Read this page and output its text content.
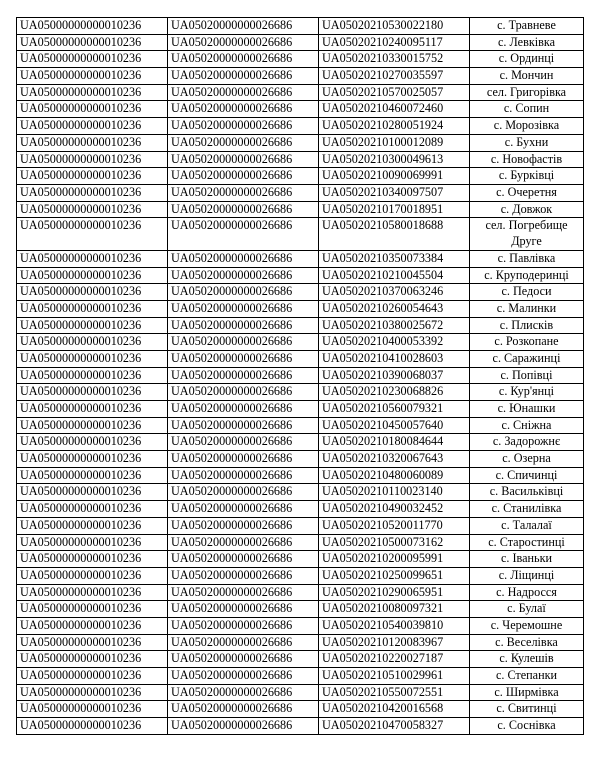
UA05000000000010236	UA05020000000026686	UA05020210530022180	с. Травневе
UA05000000000010236	UA05020000000026686	UA05020210240095117	с. Левківка
UA05000000000010236	UA05020000000026686	UA05020210330015752	с. Ординці
UA05000000000010236	UA05020000000026686	UA05020210270035597	с. Мончин
UA05000000000010236	UA05020000000026686	UA05020210570025057	сел. Григорівка
UA05000000000010236	UA05020000000026686	UA05020210460072460	с. Сопин
UA05000000000010236	UA05020000000026686	UA05020210280051924	с. Морозівка
UA05000000000010236	UA05020000000026686	UA05020210100012089	с. Бухни
UA05000000000010236	UA05020000000026686	UA05020210300049613	с. Новофастів
UA05000000000010236	UA05020000000026686	UA05020210090069991	с. Бурківці
UA05000000000010236	UA05020000000026686	UA05020210340097507	с. Очеретня
UA05000000000010236	UA05020000000026686	UA05020210170018951	с. Довжок
UA05000000000010236	UA05020000000026686	UA05020210580018688	сел. Погребище Друге
UA05000000000010236	UA05020000000026686	UA05020210350073384	с. Павлівка
UA05000000000010236	UA05020000000026686	UA05020210210045504	с. Круподеринці
UA05000000000010236	UA05020000000026686	UA05020210370063246	с. Педоси
UA05000000000010236	UA05020000000026686	UA05020210260054643	с. Малинки
UA05000000000010236	UA05020000000026686	UA05020210380025672	с. Плисків
UA05000000000010236	UA05020000000026686	UA05020210400053392	с. Розкопане
UA05000000000010236	UA05020000000026686	UA05020210410028603	с. Саражинці
UA05000000000010236	UA05020000000026686	UA05020210390068037	с. Попівці
UA05000000000010236	UA05020000000026686	UA05020210230068826	с. Кур'янці
UA05000000000010236	UA05020000000026686	UA05020210560079321	с. Юнашки
UA05000000000010236	UA05020000000026686	UA05020210450057640	с. Сніжна
UA05000000000010236	UA05020000000026686	UA05020210180084644	с. Задорожнє
UA05000000000010236	UA05020000000026686	UA05020210320067643	с. Озерна
UA05000000000010236	UA05020000000026686	UA05020210480060089	с. Спичинці
UA05000000000010236	UA05020000000026686	UA05020210110023140	с. Васильківці
UA05000000000010236	UA05020000000026686	UA05020210490032452	с. Станилівка
UA05000000000010236	UA05020000000026686	UA05020210520011770	с. Талалаї
UA05000000000010236	UA05020000000026686	UA05020210500073162	с. Старостинці
UA05000000000010236	UA05020000000026686	UA05020210200095991	с. Іваньки
UA05000000000010236	UA05020000000026686	UA05020210250099651	с. Ліщинці
UA05000000000010236	UA05020000000026686	UA05020210290065951	с. Надросся
UA05000000000010236	UA05020000000026686	UA05020210080097321	с. Булаї
UA05000000000010236	UA05020000000026686	UA05020210540039810	с. Черемошне
UA05000000000010236	UA05020000000026686	UA05020210120083967	с. Веселівка
UA05000000000010236	UA05020000000026686	UA05020210220027187	с. Кулешів
UA05000000000010236	UA05020000000026686	UA05020210510029961	с. Степанки
UA05000000000010236	UA05020000000026686	UA05020210550072551	с. Ширмівка
UA05000000000010236	UA05020000000026686	UA05020210420016568	с. Свитинці
UA05000000000010236	UA05020000000026686	UA05020210470058327	с. Соснівка
